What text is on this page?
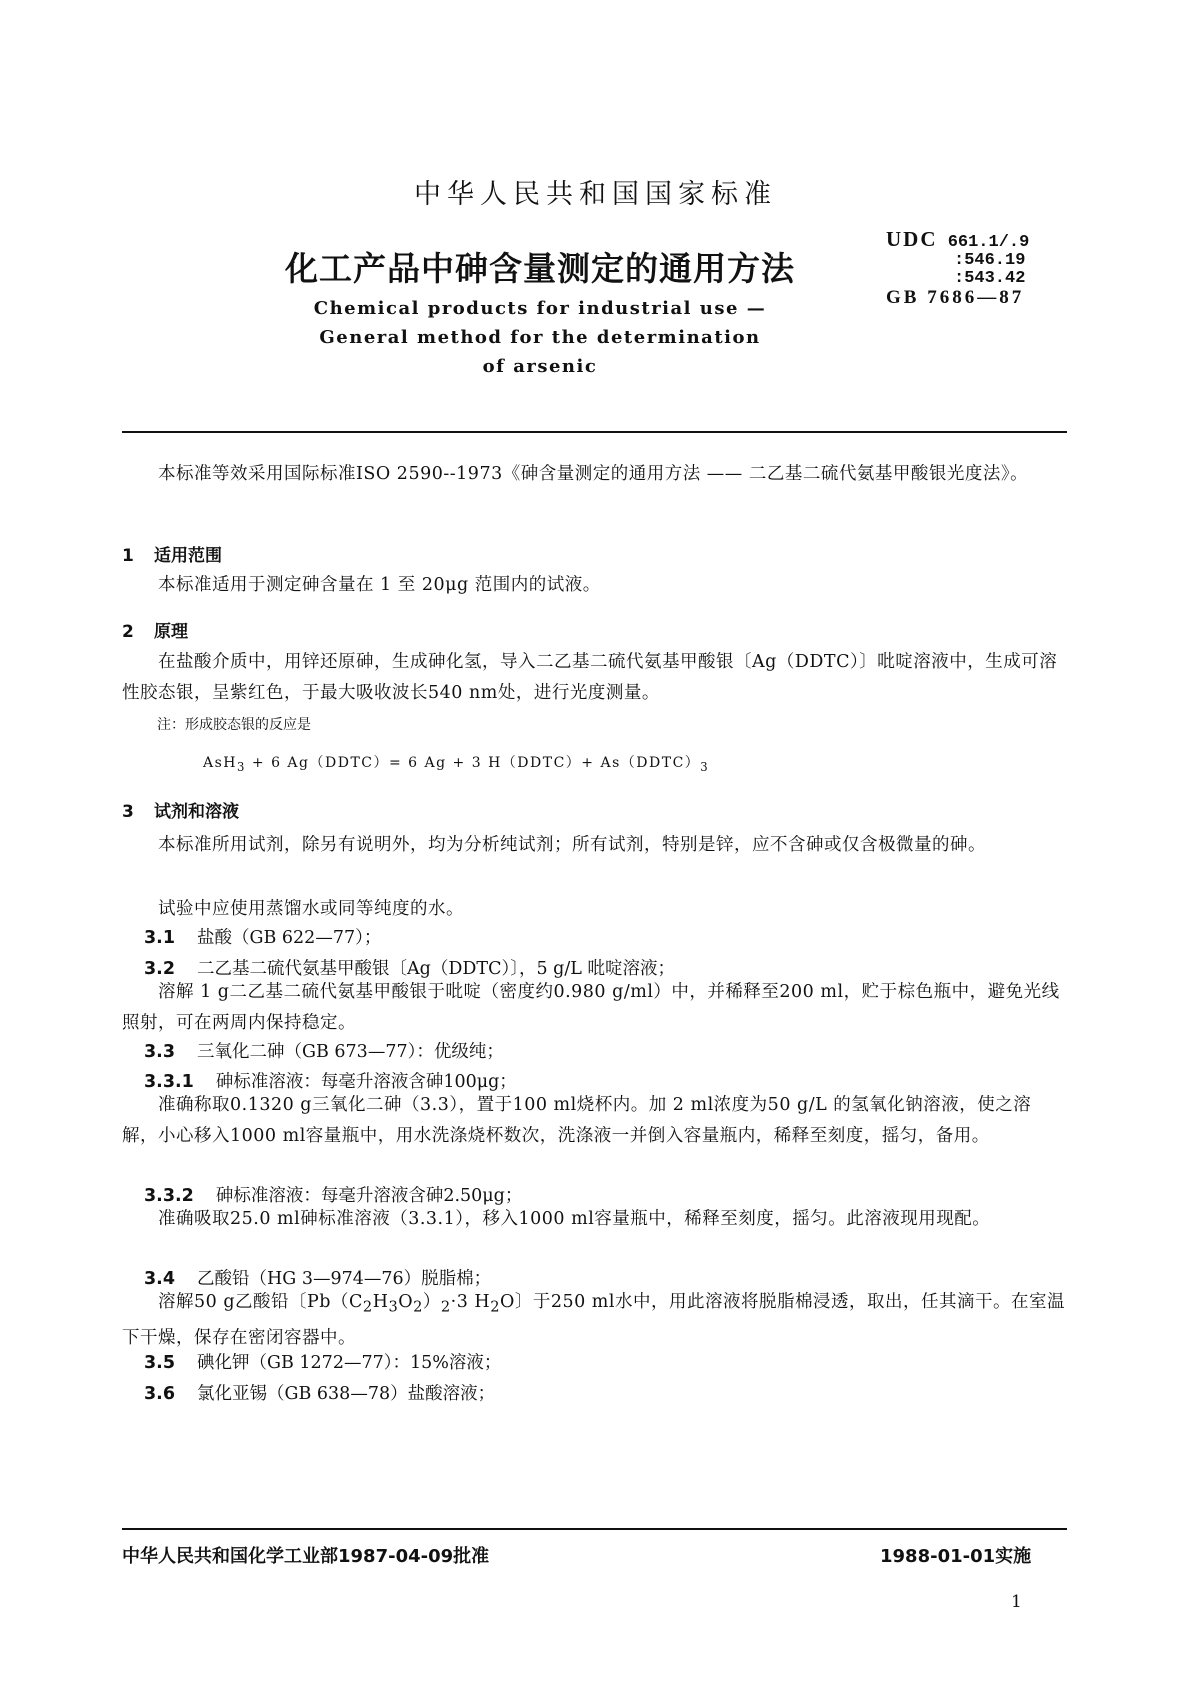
中华人民共和国国家标准
UDC 661.1/.9
:546.19
:543.42
GB 7686—87
化工产品中砷含量测定的通用方法
Chemical products for industrial use —
General method for the determination
of arsenic
本标准等效采用国际标准ISO 2590--1973《砷含量测定的通用方法 —— 二乙基二硫代氨基甲酸银光度法》。
1 适用范围
本标准适用于测定砷含量在 1 至 20μg 范围内的试液。
2 原理
在盐酸介质中，用锌还原砷，生成砷化氢，导入二乙基二硫代氨基甲酸银〔Ag（DDTC）〕吡啶溶液中，生成可溶性胶态银，呈紫红色，于最大吸收波长540 nm处，进行光度测量。
注：形成胶态银的反应是
AsH$_3$ + 6 Ag（DDTC）= 6 Ag + 3 H（DDTC）+ $As(DDTC)_3$
3 试剂和溶液
本标准所用试剂，除另有说明外，均为分析纯试剂；所有试剂，特别是锌，应不含砷或仅含极微量的砷。
试验中应使用蒸馏水或同等纯度的水。
3.1 盐酸（GB 622—77）；
3.2 二乙基二硫代氨基甲酸银〔Ag（DDTC）〕，5 g/L 吡啶溶液；
溶解 1 g二乙基二硫代氨基甲酸银于吡啶（密度约0.980 g/ml）中，并稀释至200 ml，贮于棕色瓶中，避免光线照射，可在两周内保持稳定。
3.3 三氧化二砷（GB 673—77）：优级纯；
3.3.1 砷标准溶液：每毫升溶液含砷100μg；
准确称取0.1320 g三氧化二砷（3.3），置于100 ml烧杯内。加 2 ml浓度为50 g/L 的氢氧化钠溶液，使之溶解，小心移入1000 ml容量瓶中，用水洗涤烧杯数次，洗涤液一并倒入容量瓶内，稀释至刻度，摇匀，备用。
3.3.2 砷标准溶液：每毫升溶液含砷2.50μg；
准确吸取25.0 ml砷标准溶液（3.3.1），移入1000 ml容量瓶中，稀释至刻度，摇匀。此溶液现用现配。
3.4 乙酸铅（HG 3—974—76）脱脂棉；
溶解50 g乙酸铅〔$Pb(C_2H_3O_2)_2\cdot 3$ $H_2O$〕于250 ml水中，用此溶液将脱脂棉浸透，取出，任其滴干。在室温下干燥，保存在密闭容器中。
3.5 碘化钾（GB 1272—77）：15%溶液；
3.6 氯化亚锡（GB 638—78）盐酸溶液；
中华人民共和国化学工业部1987-04-09批准	1988-01-01实施
1
